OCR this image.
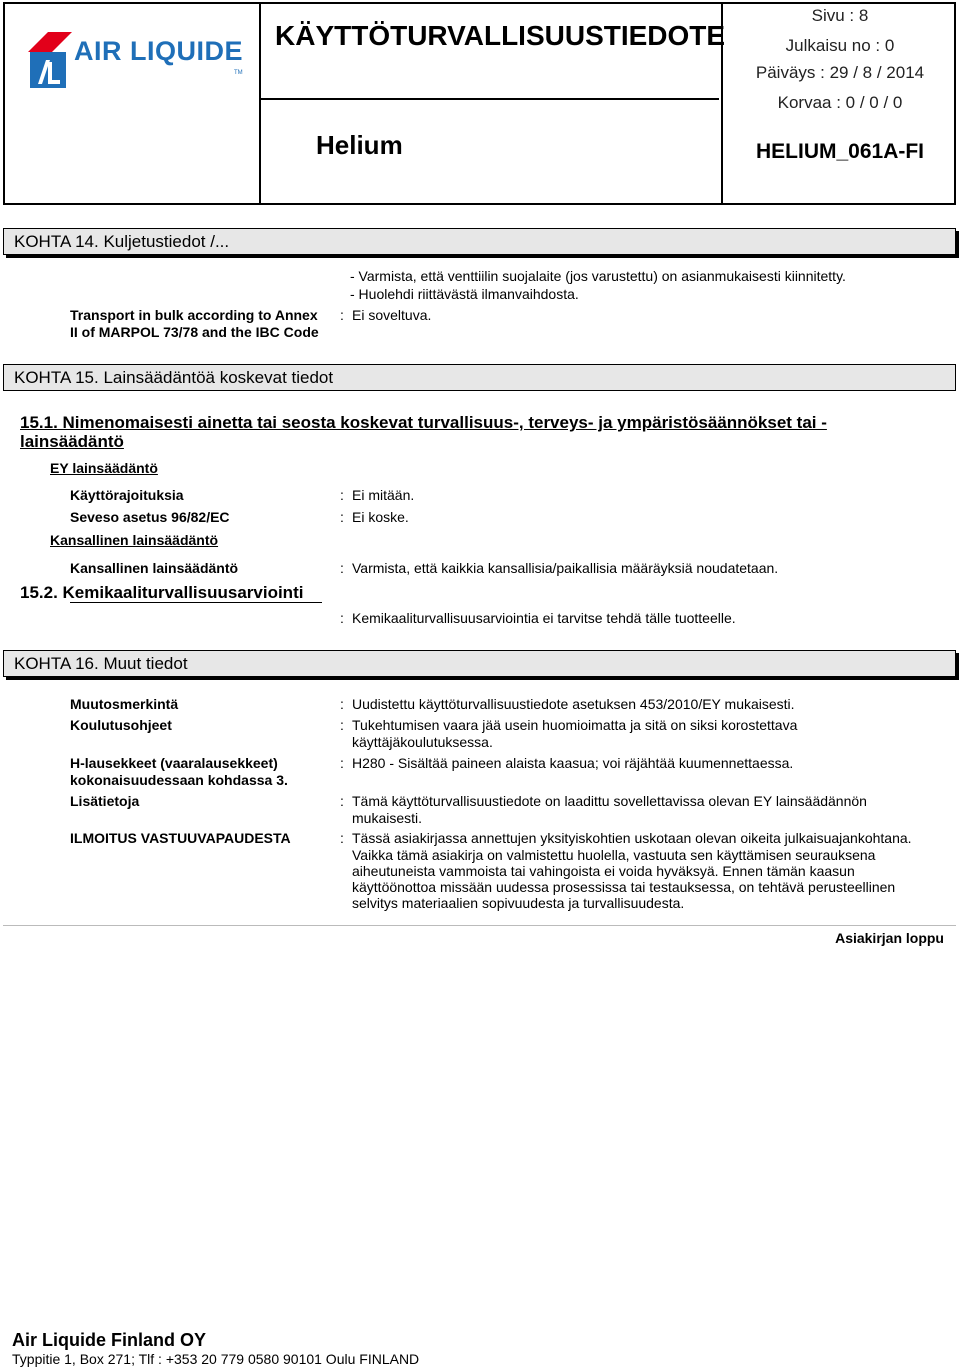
AIR LIQUIDE
TM
KÄYTTÖTURVALLISUUSTIEDOTE
Helium
Sivu : 8
Julkaisu no : 0
Päiväys : 29 / 8 / 2014
Korvaa : 0 / 0 / 0
HELIUM_061A-FI
KOHTA 14. Kuljetustiedot /...
- Varmista, että venttiilin suojalaite (jos varustettu) on asianmukaisesti kiinnitetty.
- Huolehdi riittävästä ilmanvaihdosta.
Transport in bulk according to Annex
II of MARPOL 73/78 and the IBC Code
: Ei soveltuva.
KOHTA 15. Lainsäädäntöä koskevat tiedot
15.1. Nimenomaisesti ainetta tai seosta koskevat turvallisuus-, terveys- ja ympäristösäännökset tai -
lainsäädäntö
EY lainsäädäntö
Käyttörajoituksia	: Ei mitään.
Seveso asetus 96/82/EC	: Ei koske.
Kansallinen lainsäädäntö
Kansallinen lainsäädäntö	: Varmista, että kaikkia kansallisia/paikallisia määräyksiä noudatetaan.
15.2. Kemikaaliturvallisuusarviointi
: Kemikaaliturvallisuusarviointia ei tarvitse tehdä tälle tuotteelle.
KOHTA 16. Muut tiedot
Muutosmerkintä	: Uudistettu käyttöturvallisuustiedote asetuksen 453/2010/EY mukaisesti.
Koulutusohjeet	: Tukehtumisen vaara jää usein huomioimatta ja sitä on siksi korostettava
käyttäjäkoulutuksessa.
H-lausekkeet (vaaralausekkeet)
kokonaisuudessaan kohdassa 3.
: H280 - Sisältää paineen alaista kaasua; voi räjähtää kuumennettaessa.
Lisätietoja	: Tämä käyttöturvallisuustiedote on laadittu sovellettavissa olevan EY lainsäädännön
mukaisesti.
ILMOITUS VASTUUVAPAUDESTA	: Tässä asiakirjassa annettujen yksityiskohtien uskotaan olevan oikeita julkaisuajankohtana.
Vaikka tämä asiakirja on valmistettu huolella, vastuuta sen käyttämisen seurauksena
aiheutuneista vammoista tai vahingoista ei voida hyväksyä. Ennen tämän kaasun
käyttöönottoa missään uudessa prosessissa tai testauksessa, on tehtävä perusteellinen
selvitys materiaalien sopivuudesta ja turvallisuudesta.
Asiakirjan loppu
Air Liquide Finland OY
Typpitie 1, Box 271; Tlf : +353 20 779 0580 90101 Oulu FINLAND
